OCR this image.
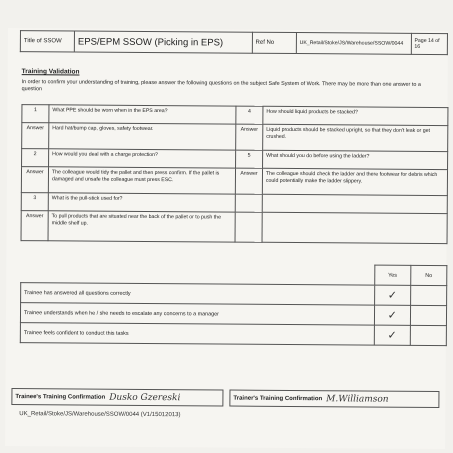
Title of SSOW	EPS/EPM SSOW (Picking in EPS)	Ref No	UK_Retail/Stoke/JS/Warehouse/SSOW/0044	Page 14 of 16
Training Validation
In order to confirm your understanding of training, please answer the following questions on the subject Safe System of Work. There may be more than one answer to a question
1	What PPE should be worn when in the EPS area?	4	How should liquid products be stacked?
Answer	Hard hat/bump cap, gloves, safety footwear.	Answer	Liquid products should be stacked upright, so that they don't leak or get crushed.
2	How would you deal with a charge protection?	5	What should you do before using the ladder?
Answer	The colleague would tidy the pallet and then press confirm. If the pallet is damaged and unsafe the colleague must press ESC.	Answer	The colleague should check the ladder and there footwear for debris which could potentially make the ladder slippery.
3	What is the pull-stick used for?		
Answer	To pull products that are situated near the back of the pallet or to push the middle shelf up.		
	Yes	No
Trainee has answered all questions correctly	✓	
Trainee understands when he / she needs to escalate any concerns to a manager	✓	
Trainee feels confident to conduct this tasks	✓	
Trainee's Training Confirmation Dusko Gzereski	Trainer's Training Confirmation M.Williamson
UK_Retail/Stoke/JS/Warehouse/SSOW/0044 (V1/15012013)
